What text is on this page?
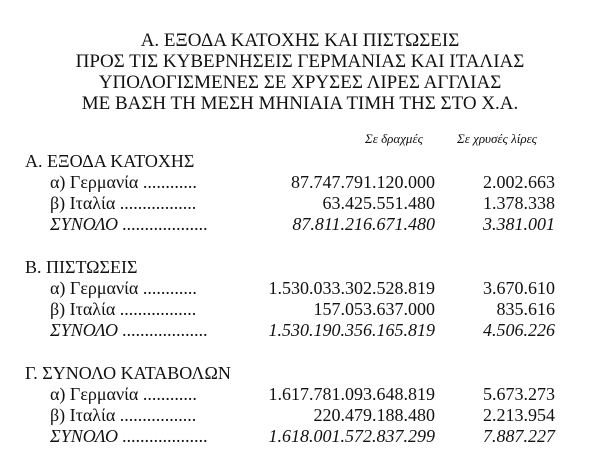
Α. ΕΞΟΔΑ ΚΑΤΟΧΗΣ ΚΑΙ ΠΙΣΤΩΣΕΙΣ
ΠΡΟΣ ΤΙΣ ΚΥΒΕΡΝΗΣΕΙΣ ΓΕΡΜΑΝΙΑΣ ΚΑΙ ΙΤΑΛΙΑΣ
ΥΠΟΛΟΓΙΣΜΕΝΕΣ ΣΕ ΧΡΥΣΕΣ ΛΙΡΕΣ ΑΓΓΛΙΑΣ
ΜΕ ΒΑΣΗ ΤΗ ΜΕΣΗ ΜΗΝΙΑΙΑ ΤΙΜΗ ΤΗΣ ΣΤΟ Χ.Α.
Σε δραχμές	Σε χρυσές λίρες
Α. ΕΞΟΔΑ ΚΑΤΟΧΗΣ
α) Γερμανία ............	87.747.791.120.000	2.002.663
β) Ιταλία .................	63.425.551.480	1.378.338
ΣΥΝΟΛΟ ...................	87.811.216.671.480	3.381.001
Β. ΠΙΣΤΩΣΕΙΣ
α) Γερμανία ............	1.530.033.302.528.819	3.670.610
β) Ιταλία .................	157.053.637.000	835.616
ΣΥΝΟΛΟ ...................	1.530.190.356.165.819	4.506.226
Γ. ΣΥΝΟΛΟ ΚΑΤΑΒΟΛΩΝ
α) Γερμανία ............	1.617.781.093.648.819	5.673.273
β) Ιταλία .................	220.479.188.480	2.213.954
ΣΥΝΟΛΟ ...................	1.618.001.572.837.299	7.887.227
